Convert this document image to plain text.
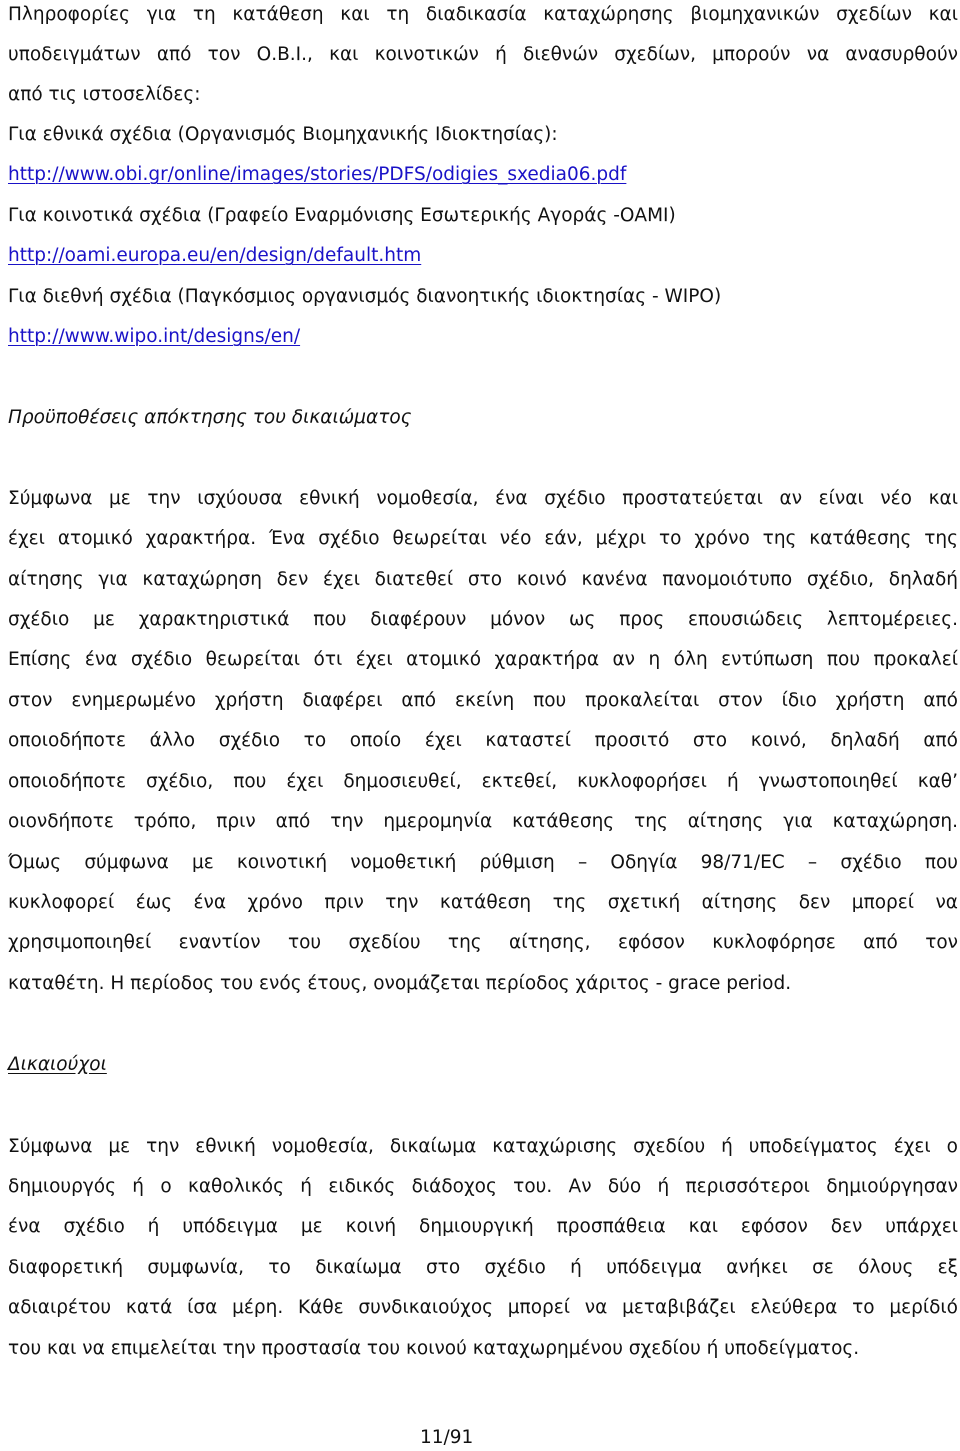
Πληροφορίες για τη κατάθεση και τη διαδικασία καταχώρησης βιομηχανικών σχεδίων και
υποδειγμάτων από τον Ο.Β.Ι., και κοινοτικών ή διεθνών σχεδίων, μπορούν να ανασυρθούν
από τις ιστοσελίδες:
Για εθνικά σχέδια (Οργανισμός Βιομηχανικής Ιδιοκτησίας):
http://www.obi.gr/online/images/stories/PDFS/odigies_sxedia06.pdf
Για κοινοτικά σχέδια (Γραφείο Εναρμόνισης Εσωτερικής Αγοράς -ΟΑΜΙ)
http://oami.europa.eu/en/design/default.htm
Για διεθνή σχέδια (Παγκόσμιος οργανισμός διανοητικής ιδιοκτησίας - WIPO)
http://www.wipo.int/designs/en/
Προϋποθέσεις απόκτησης του δικαιώματος
Σύμφωνα με την ισχύουσα εθνική νομοθεσία, ένα σχέδιο προστατεύεται αν είναι νέο και
έχει ατομικό χαρακτήρα. Ένα σχέδιο θεωρείται νέο εάν, μέχρι το χρόνο της κατάθεσης της
αίτησης για καταχώρηση δεν έχει διατεθεί στο κοινό κανένα πανομοιότυπο σχέδιο, δηλαδή
σχέδιο με χαρακτηριστικά που διαφέρουν μόνον ως προς επουσιώδεις λεπτομέρειες.
Επίσης ένα σχέδιο θεωρείται ότι έχει ατομικό χαρακτήρα αν η όλη εντύπωση που προκαλεί
στον ενημερωμένο χρήστη διαφέρει από εκείνη που προκαλείται στον ίδιο χρήστη από
οποιοδήποτε άλλο σχέδιο το οποίο έχει καταστεί προσιτό στο κοινό, δηλαδή από
οποιοδήποτε σχέδιο, που έχει δημοσιευθεί, εκτεθεί, κυκλοφορήσει ή γνωστοποιηθεί καθ’
οιονδήποτε τρόπο, πριν από την ημερομηνία κατάθεσης της αίτησης για καταχώρηση.
Όμως σύμφωνα με κοινοτική νομοθετική ρύθμιση – Οδηγία 98/71/EC – σχέδιο που
κυκλοφορεί έως ένα χρόνο πριν την κατάθεση της σχετική αίτησης δεν μπορεί να
χρησιμοποιηθεί εναντίον του σχεδίου της αίτησης, εφόσον κυκλοφόρησε από τον
καταθέτη. Η περίοδος του ενός έτους, ονομάζεται περίοδος χάριτος - grace period.
Δικαιούχοι
Σύμφωνα με την εθνική νομοθεσία, δικαίωμα καταχώρισης σχεδίου ή υποδείγματος έχει ο
δημιουργός ή ο καθολικός ή ειδικός διάδοχος του. Αν δύο ή περισσότεροι δημιούργησαν
ένα σχέδιο ή υπόδειγμα με κοινή δημιουργική προσπάθεια και εφόσον δεν υπάρχει
διαφορετική συμφωνία, το δικαίωμα στο σχέδιο ή υπόδειγμα ανήκει σε όλους εξ
αδιαιρέτου κατά ίσα μέρη. Κάθε συνδικαιούχος μπορεί να μεταβιβάζει ελεύθερα το μερίδιό
του και να επιμελείται την προστασία του κοινού καταχωρημένου σχεδίου ή υποδείγματος.
11/91
